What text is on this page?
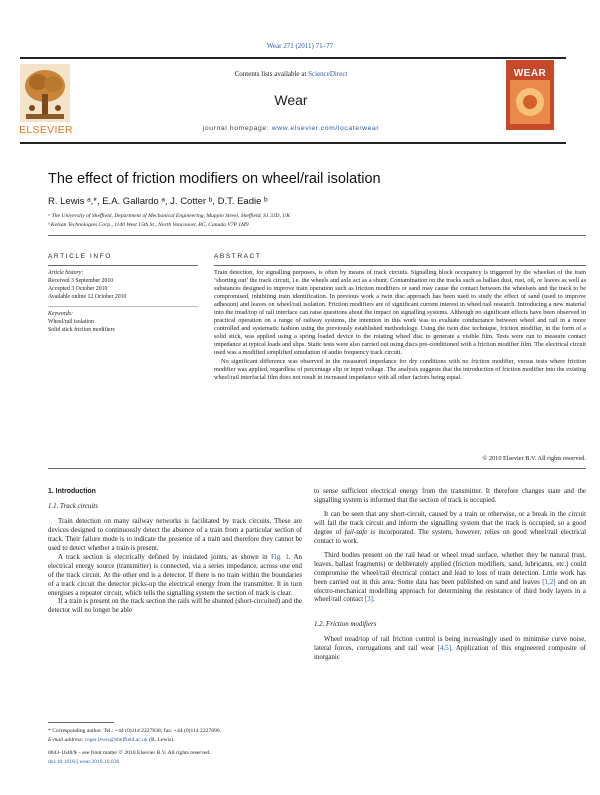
Wear 271 (2011) 71–77
ELSEVIER
Contents lists available at ScienceDirect
Wear
journal homepage: www.elsevier.com/locate/wear
WEAR
The effect of friction modifiers on wheel/rail isolation
R. Lewis ᵃ,*, E.A. Gallardo ᵃ, J. Cotter ᵇ, D.T. Eadie ᵇ
ᵃ The University of Sheffield, Department of Mechanical Engineering, Mappin Street, Sheffield, S1 3JD, UK
ᵇ Kelsan Technologies Corp., 1140 West 15th St., North Vancouver, BC, Canada V7P 1M9
ARTICLE INFO
Article history:
Received 3 September 2010
Accepted 3 October 2010
Available online 12 October 2010
Keywords:
Wheel/rail isolation
Solid stick friction modifiers
ABSTRACT

Train detection, for signalling purposes, is often by means of track circuits. Signalling block occupancy is triggered by the wheelset of the train ‘shorting out’ the track circuit, i.e. the wheels and axle act as a shunt. Contamination on the tracks such as ballast dust, rust, oil, or leaves as well as substances designed to improve train operation such as friction modifiers or sand may cause the contact between the wheelsets and the track to be compromised, inhibiting train identification. In previous work a twin disc approach has been used to study the effect of sand (used to improve adhesion) and leaves on wheel/rail isolation. Friction modifiers are of significant current interest in wheel/rail research. Introducing a new material into the tread/top of rail interface can raise questions about the impact on signalling systems. Although no significant effects have been observed in practical operation on a range of railway systems, the intention in this work was to evaluate conductance between wheel and rail in a more controlled and systematic fashion using the previously established methodology. Using the twin disc technique, friction modifier, in the form of a solid stick, was applied using a spring loaded device to the rotating wheel disc to generate a visible film. Tests were run to measure contact impedance at typical loads and slips. Static tests were also carried out using discs pre-conditioned with a friction modifier film. The electrical circuit used was a modified simplified simulation of audio frequency track circuit.

No significant difference was observed in the measured impedance for dry conditions with no friction modifier, versus tests where friction modifier was applied, regardless of percentage slip or input voltage. The analysis suggests that the introduction of friction modifier into the existing wheel/rail interfacial film does not result in increased impedance with all other factors being equal.

© 2010 Elsevier B.V. All rights reserved.
1. Introduction
1.1. Track circuits

Train detection on many railway networks is facilitated by track circuits. These are devices designed to continuously detect the absence of a train from a particular section of track. Their failure mode is to indicate the presence of a train and therefore they cannot be used to detect whether a train is present.

A track section is electrically defined by insulated joints, as shown in Fig. 1. An electrical energy source (transmitter) is connected, via a series impedance, across one end of the track circuit. At the other end is a detector. If there is no train within the boundaries of a track circuit the detector picks-up the electrical energy from the transmitter. It in turn energises a repeater circuit, which tells the signalling system the section of track is clear.

If a train is present on the track section the rails will be shunted (short-circuited) and the detector will no longer be able

to sense sufficient electrical energy from the transmitter. It therefore changes state and the signalling system is informed that the section of track is occupied.

It can be seen that any short-circuit, caused by a train or otherwise, or a break in the circuit will fail the track circuit and inform the signalling system that the track is occupied, so a good degree of fail-safe is incorporated. The system, however, relies on good wheel/rail electrical contact to work.

Third bodies present on the rail head or wheel tread surface, whether they be natural (rust, leaves, ballast fragments) or deliberately applied (friction modifiers, sand, lubricants, etc.) could compromise the wheel/rail electrical contact and lead to loss of train detection. Little work has been carried out in this area. Some data has been published on sand and leaves [1,2] and on an electro-mechanical modelling approach for determining the resistance of third body layers in a wheel/rail contact [3].

1.2. Friction modifiers

Wheel tread/top of rail friction control is being increasingly used to minimise curve noise, lateral forces, corrugations and rail wear [4,5]. Application of this engineered composite of inorganic

* Corresponding author. Tel.: +44 (0)114 2227838; fax: +44 (0)114 2227890.
E-mail address: roger.lewis@sheffield.ac.uk (R. Lewis).
0043-1648/$ – see front matter © 2010 Elsevier B.V. All rights reserved.
doi:10.1016/j.wear.2010.10.036
